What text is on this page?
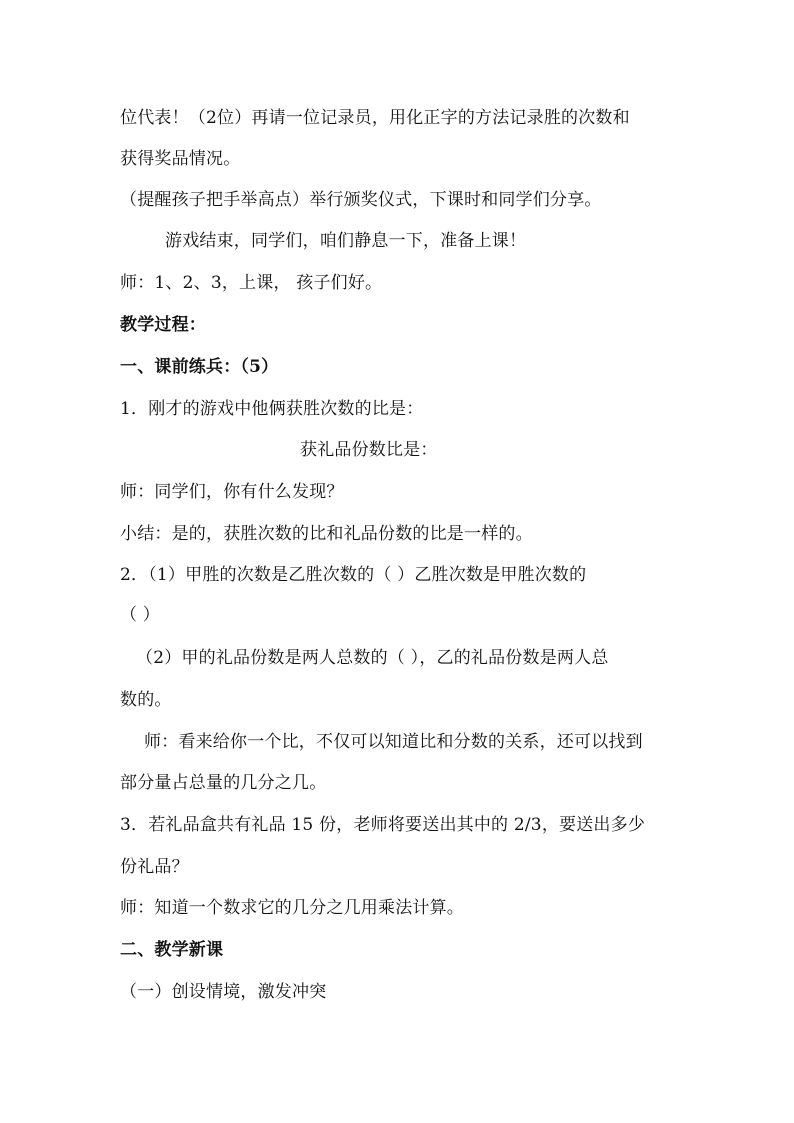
位代表！（2位）再请一位记录员，用化正字的方法记录胜的次数和
获得奖品情况。
（提醒孩子把手举高点）举行颁奖仪式，下课时和同学们分享。
游戏结束，同学们，咱们静息一下，准备上课！
师：1、2、3，上课， 孩子们好。
教学过程：
一、课前练兵：（5）
1．刚才的游戏中他俩获胜次数的比是：
获礼品份数比是：
师：同学们，你有什么发现？
小结：是的，获胜次数的比和礼品份数的比是一样的。
2．（1）甲胜的次数是乙胜次数的（ ）乙胜次数是甲胜次数的
（ ）
（2）甲的礼品份数是两人总数的（ ），乙的礼品份数是两人总
数的。
师：看来给你一个比，不仅可以知道比和分数的关系，还可以找到
部分量占总量的几分之几。
3．若礼品盒共有礼品 15 份，老师将要送出其中的 2/3，要送出多少
份礼品？
师：知道一个数求它的几分之几用乘法计算。
二、教学新课
（一）创设情境，激发冲突
